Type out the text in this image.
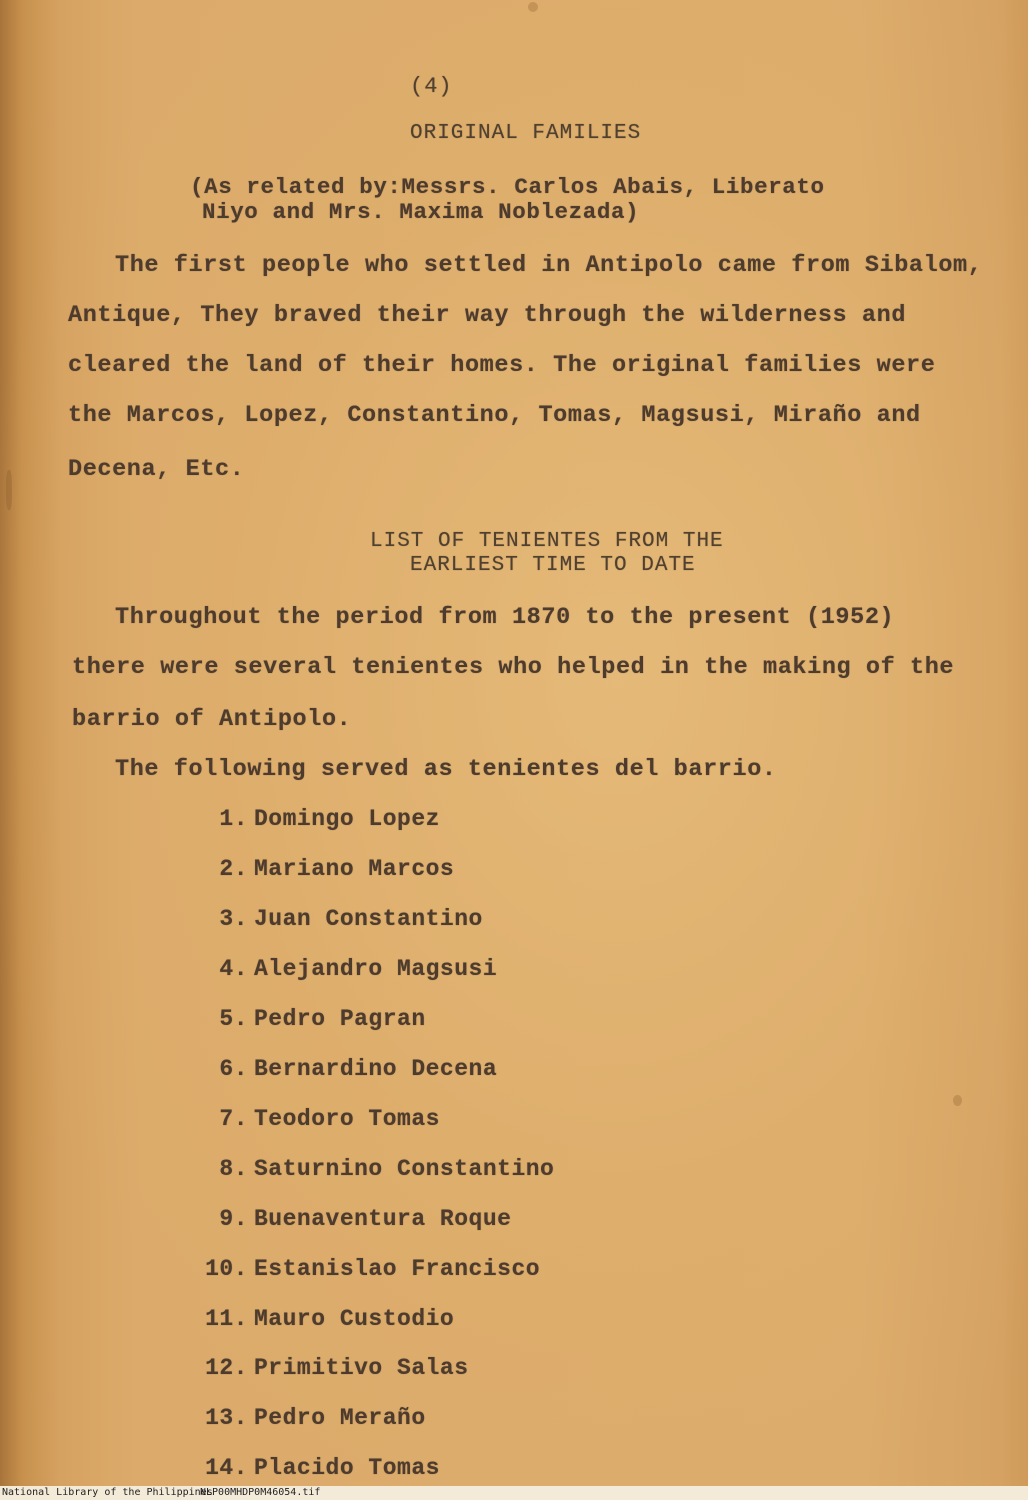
(4)
ORIGINAL FAMILIES
(As related by:Messrs. Carlos Abais, Liberato
Niyo and Mrs. Maxima Noblezada)
The first people who settled in Antipolo came from Sibalom,
Antique, They braved their way through the wilderness and
cleared the land of their homes. The original families were
the Marcos, Lopez, Constantino, Tomas, Magsusi, Miraño and
Decena, Etc.
LIST OF TENIENTES FROM THE
EARLIEST TIME TO DATE
Throughout the period from 1870 to the present (1952)
there were several tenientes who helped in the making of the
barrio of Antipolo.
The following served as tenientes del barrio.
1. Domingo Lopez
2. Mariano Marcos
3. Juan Constantino
4. Alejandro Magsusi
5. Pedro Pagran
6. Bernardino Decena
7. Teodoro Tomas
8. Saturnino Constantino
9. Buenaventura Roque
10. Estanislao Francisco
11. Mauro Custodio
12. Primitivo Salas
13. Pedro Meraño
14. Placido Tomas
National Library of the Philippines
NLP00MHDP0M46054.tif
